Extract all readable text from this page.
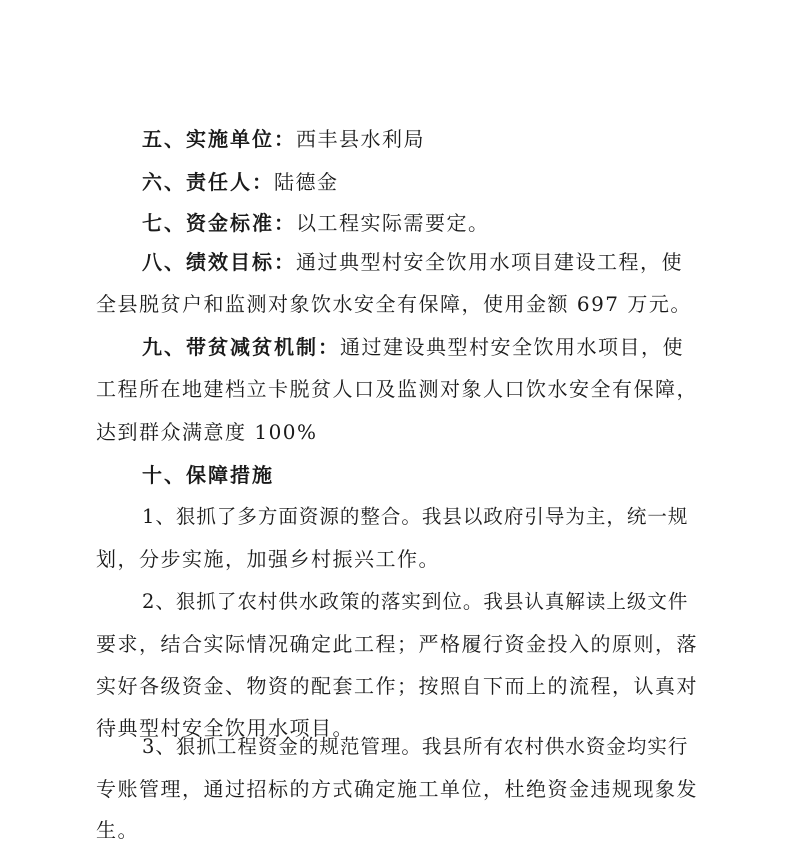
五、实施单位：西丰县水利局
六、责任人：陆德金
七、资金标准：以工程实际需要定。
八、绩效目标：通过典型村安全饮用水项目建设工程，使
全县脱贫户和监测对象饮水安全有保障，使用金额 697 万元。
九、带贫减贫机制：通过建设典型村安全饮用水项目，使
工程所在地建档立卡脱贫人口及监测对象人口饮水安全有保障，
达到群众满意度 100%
十、保障措施
1、狠抓了多方面资源的整合。我县以政府引导为主，统一规
划，分步实施，加强乡村振兴工作。
2、狠抓了农村供水政策的落实到位。我县认真解读上级文件
要求，结合实际情况确定此工程；严格履行资金投入的原则，落
实好各级资金、物资的配套工作；按照自下而上的流程，认真对
待典型村安全饮用水项目。
3、狠抓工程资金的规范管理。我县所有农村供水资金均实行
专账管理，通过招标的方式确定施工单位，杜绝资金违规现象发
生。
